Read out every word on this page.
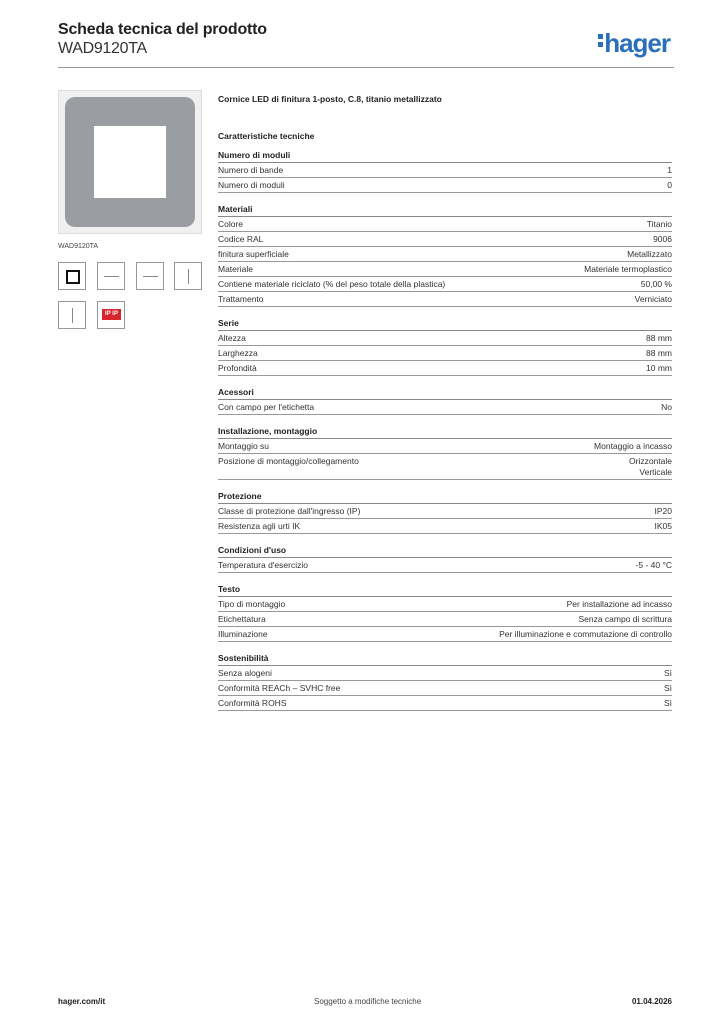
Scheda tecnica del prodotto
WAD9120TA	hager
WAD9120TA
IP IP
Cornice LED di finitura 1-posto, C.8, titanio metallizzato
Caratteristiche tecniche
Numero di moduli
Numero di bande	1
Numero di moduli	0
Materiali
Colore	Titanio
Codice RAL	9006
finitura superficiale	Metallizzato
Materiale	Materiale termoplastico
Contiene materiale riciclato (% del peso totale della plastica)	50,00 %
Trattamento	Verniciato
Serie
Altezza	88 mm
Larghezza	88 mm
Profondità	10 mm
Acessori
Con campo per l'etichetta	No
Installazione, montaggio
Montaggio su	Montaggio a incasso
Posizione di montaggio/collegamento	Orizzontale
Verticale
Protezione
Classe di protezione dall'ingresso (IP)	IP20
Resistenza agli urti IK	IK05
Condizioni d'uso
Temperatura d'esercizio	-5 - 40 °C
Testo
Tipo di montaggio	Per installazione ad incasso
Etichettatura	Senza campo di scrittura
Illuminazione	Per illuminazione e commutazione di controllo
Sostenibilità
Senza alogeni	Sì
Conformità REACh – SVHC free	Sì
Conformità ROHS	Sì
hager.com/it	Soggetto a modifiche tecniche	01.04.2026
